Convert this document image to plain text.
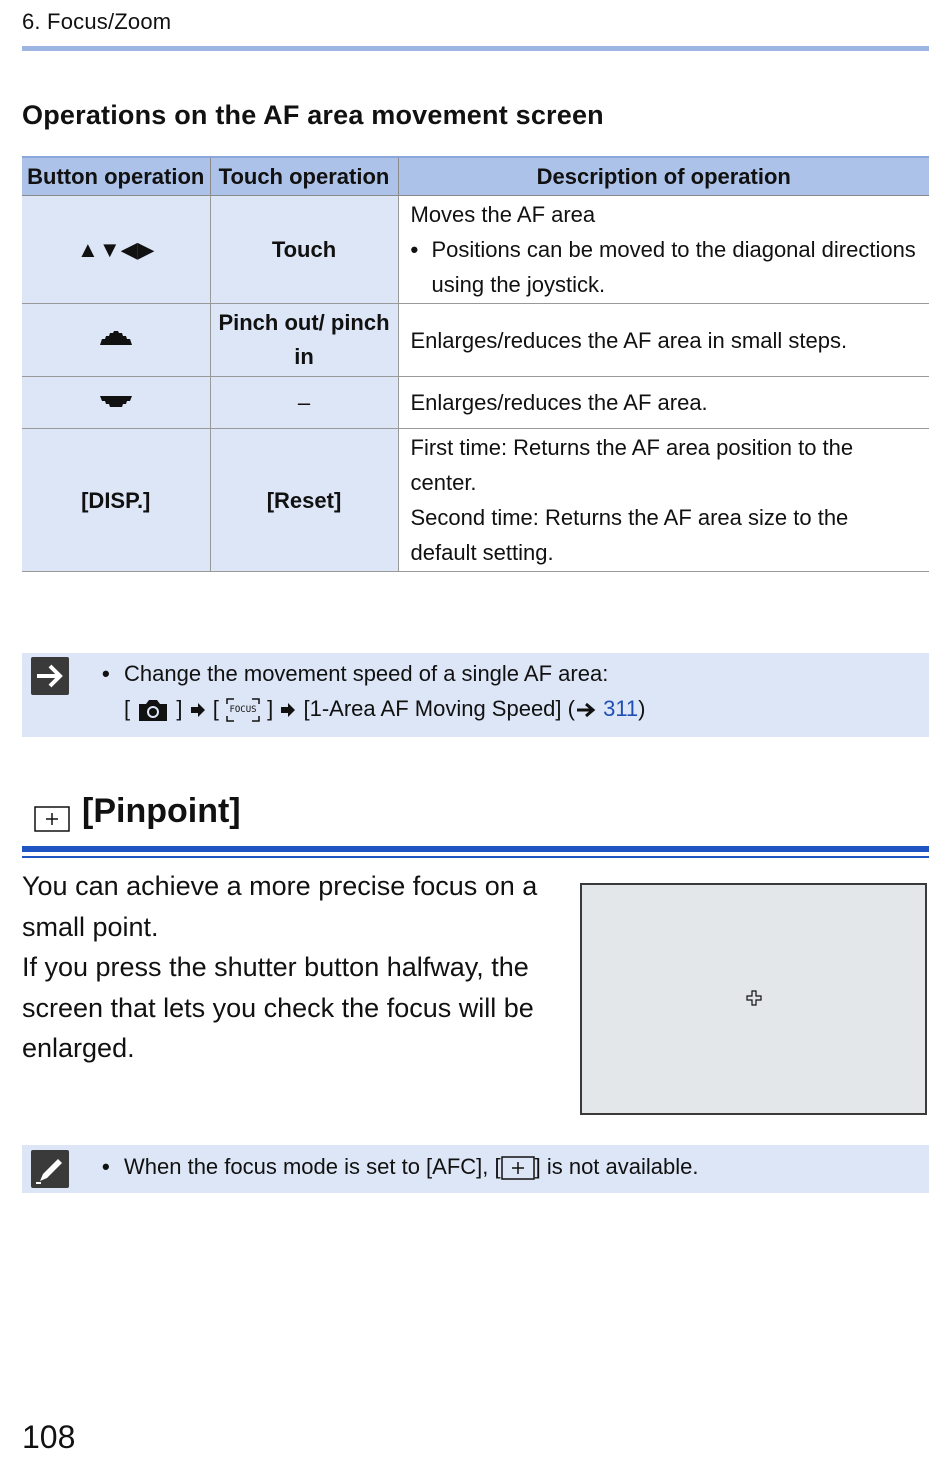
6. Focus/Zoom
Operations on the AF area movement screen
Button operation	Touch operation	Description of operation
▲▼◀▶	Touch	Moves the AF area
• Positions can be moved to the diagonal directions using the joystick.

	Pinch out/ pinch in	Enlarges/reduces the AF area in small steps.
	–	Enlarges/reduces the AF area.
[DISP.]	[Reset]	First time: Returns the AF area position to the center.
Second time: Returns the AF area size to the default setting.
• Change the movement speed of a single AF area:
[ ] [	FOCUS ] [1-Area AF Moving Speed] ( 311)
[Pinpoint]
You can achieve a more precise focus on a small point.
If you press the shutter button halfway, the screen that lets you check the focus will be enlarged.
• When the focus mode is set to [AFC], [ ] is not available.
108
